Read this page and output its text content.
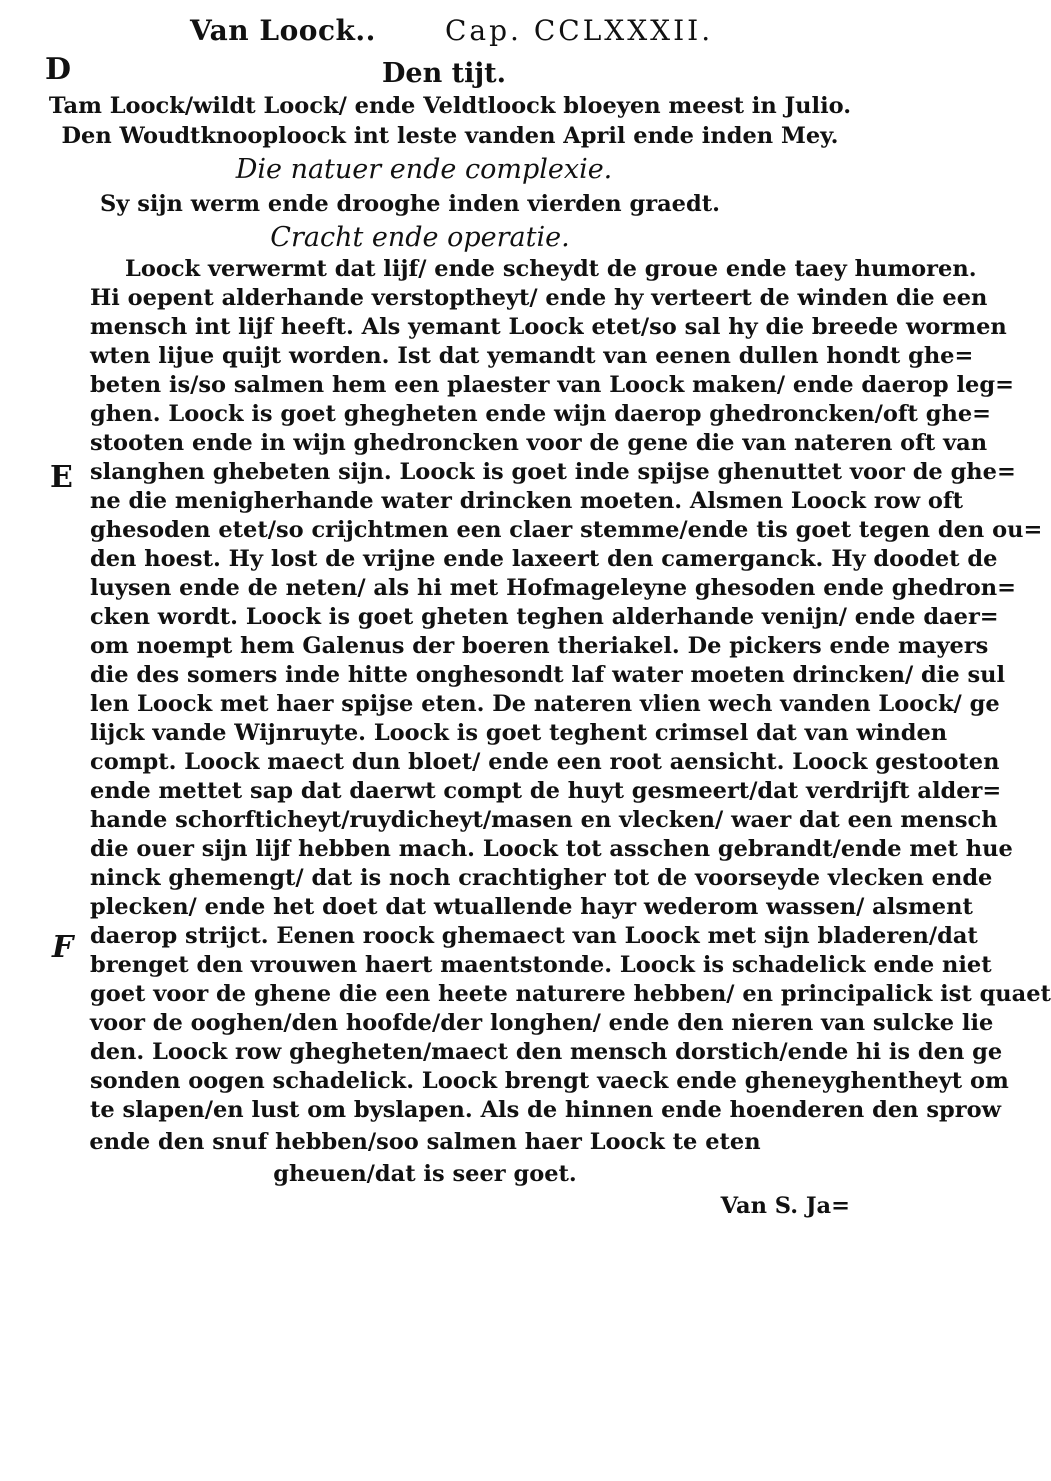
Van Loock.. Cap. CCLXXXII.
D
E
F
Den tijt.
Tam Loock/wildt Loock/ ende Veldtloock bloeyen meest in Julio.
Den Woudtknooploock int leste vanden April ende inden Mey.
Die natuer ende complexie.
Sy sijn werm ende drooghe inden vierden graedt.
Cracht ende operatie.
Loock verwermt dat lijf/ ende scheydt de groue ende taey humoren.
Hi oepent alderhande verstoptheyt/ ende hy verteert de winden die een
mensch int lijf heeft. Als yemant Loock etet/so sal hy die breede wormen
wten lijue quijt worden. Ist dat yemandt van eenen dullen hondt ghe=
beten is/so salmen hem een plaester van Loock maken/ ende daerop leg=
ghen. Loock is goet ghegheten ende wijn daerop ghedroncken/oft ghe=
stooten ende in wijn ghedroncken voor de gene die van nateren oft van
slanghen ghebeten sijn. Loock is goet inde spijse ghenuttet voor de ghe=
ne die menigherhande water drincken moeten. Alsmen Loock row oft
ghesoden etet/so crijchtmen een claer stemme/ende tis goet tegen den ou=
den hoest. Hy lost de vrijne ende laxeert den camerganck. Hy doodet de
luysen ende de neten/ als hi met Hofmageleyne ghesoden ende ghedron=
cken wordt. Loock is goet gheten teghen alderhande venijn/ ende daer=
om noempt hem Galenus der boeren theriakel. De pickers ende mayers
die des somers inde hitte onghesondt laf water moeten drincken/ die sul
len Loock met haer spijse eten. De nateren vlien wech vanden Loock/ ge
lijck vande Wijnruyte. Loock is goet teghent crimsel dat van winden
compt. Loock maect dun bloet/ ende een root aensicht. Loock gestooten
ende mettet sap dat daerwt compt de huyt gesmeert/dat verdrijft alder=
hande schorfticheyt/ruydicheyt/masen en vlecken/ waer dat een mensch
die ouer sijn lijf hebben mach. Loock tot asschen gebrandt/ende met hue
ninck ghemengt/ dat is noch crachtigher tot de voorseyde vlecken ende
plecken/ ende het doet dat wtuallende hayr wederom wassen/ alsment
daerop strijct. Eenen roock ghemaect van Loock met sijn bladeren/dat
brenget den vrouwen haert maentstonde. Loock is schadelick ende niet
goet voor de ghene die een heete naturere hebben/ en principalick ist quaet
voor de ooghen/den hoofde/der longhen/ ende den nieren van sulcke lie
den. Loock row ghegheten/maect den mensch dorstich/ende hi is den ge
sonden oogen schadelick. Loock brengt vaeck ende gheneyghentheyt om
te slapen/en lust om byslapen. Als de hinnen ende hoenderen den sprow
ende den snuf hebben/soo salmen haer Loock te eten
gheuen/dat is seer goet.
Van S. Ja=
